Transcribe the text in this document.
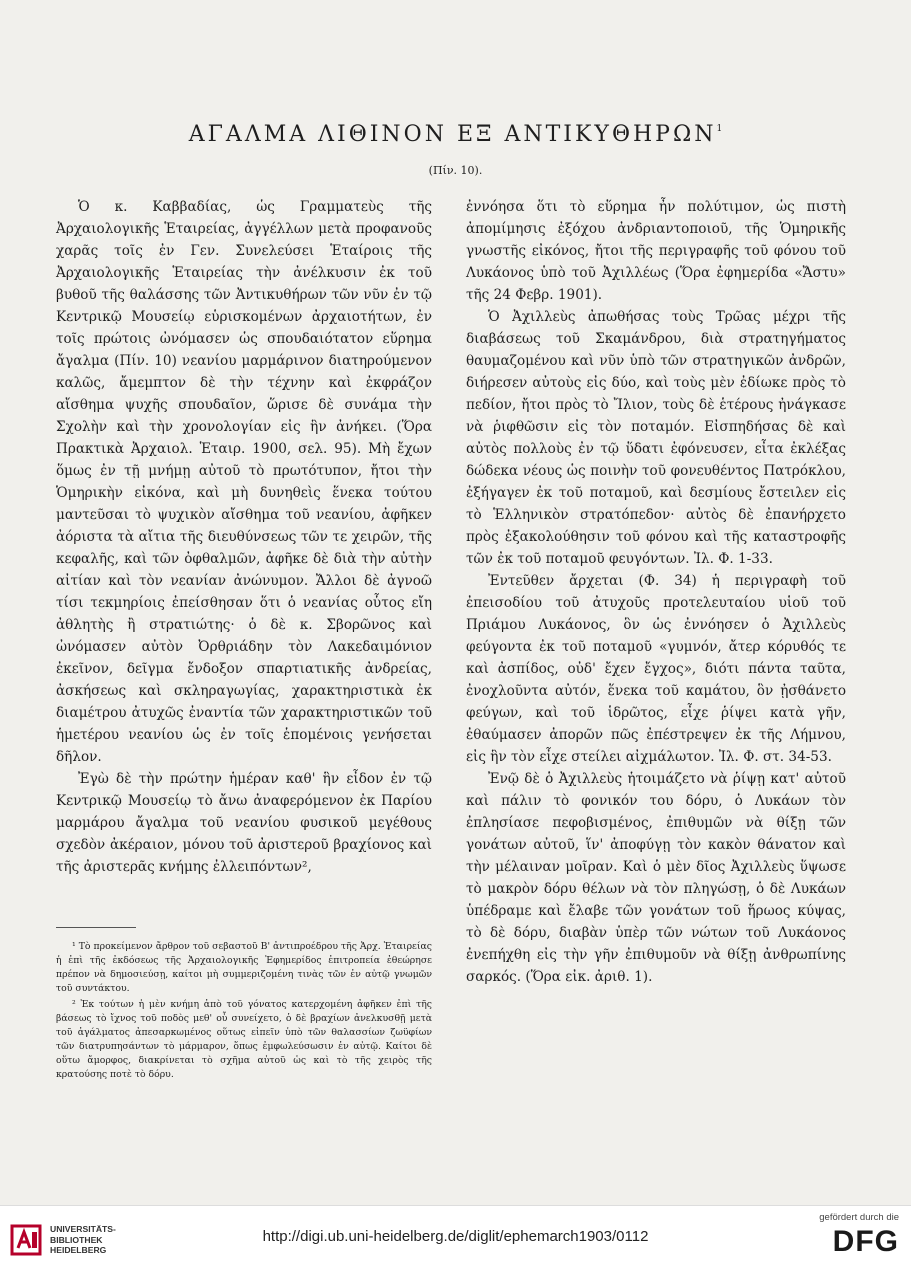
ΑΓΑΛΜΑ ΛΙΘΙΝΟΝ ΕΞ ΑΝΤΙΚΥΘΗΡΩΝ$^1$

(Πίν. 10).

Ὁ κ. Καββαδίας, ὡς Γραμματεὺς τῆς Ἀρχαιολογικῆς Ἑταιρείας, ἀγγέλλων μετὰ προφανοῦς χαρᾶς τοῖς ἐν Γεν. Συνελεύσει Ἑταίροις τῆς Ἀρχαιολογικῆς Ἑταιρείας τὴν ἀνέλκυσιν ἐκ τοῦ βυθοῦ τῆς θαλάσσης τῶν Ἀντικυθήρων τῶν νῦν ἐν τῷ Κεντρικῷ Μουσείῳ εὑρισκομένων ἀρχαιοτήτων, ἐν τοῖς πρώτοις ὠνόμασεν ὡς σπουδαιότατον εὕρημα ἄγαλμα (Πίν. 10) νεανίου μαρμάρινον διατηρούμενον καλῶς, ἄμεμπτον δὲ τὴν τέχνην καὶ ἐκφράζον αἴσθημα ψυχῆς σπουδαῖον, ὥρισε δὲ συνάμα τὴν Σχολὴν καὶ τὴν χρονολογίαν εἰς ἣν ἀνήκει. (Ὅρα Πρακτικὰ Ἀρχαιολ. Ἑταιρ. 1900, σελ. 95). Μὴ ἔχων ὅμως ἐν τῇ μνήμῃ αὐτοῦ τὸ πρωτότυπον, ἤτοι τὴν Ὁμηρικὴν εἰκόνα, καὶ μὴ δυνηθεὶς ἕνεκα τούτου μαντεῦσαι τὸ ψυχικὸν αἴσθημα τοῦ νεανίου, ἀφῆκεν ἀόριστα τὰ αἴτια τῆς διευθύνσεως τῶν τε χειρῶν, τῆς κεφαλῆς, καὶ τῶν ὀφθαλμῶν, ἀφῆκε δὲ διὰ τὴν αὐτὴν αἰτίαν καὶ τὸν νεανίαν ἀνώνυμον. Ἄλλοι δὲ ἀγνοῶ τίσι τεκμηρίοις ἐπείσθησαν ὅτι ὁ νεανίας οὗτος εἴη ἀθλητὴς ἢ στρατιώτης· ὁ δὲ κ. Σβορῶνος καὶ ὠνόμασεν αὐτὸν Ὀρθριάδην τὸν Λακεδαιμόνιον ἐκεῖνον, δεῖγμα ἔνδοξον σπαρτιατικῆς ἀνδρείας, ἀσκήσεως καὶ σκληραγωγίας, χαρακτηριστικὰ ἐκ διαμέτρου ἀτυχῶς ἐναντία τῶν χαρακτηριστικῶν τοῦ ἡμετέρου νεανίου ὡς ἐν τοῖς ἑπομένοις γενήσεται δῆλον.

Ἐγὼ δὲ τὴν πρώτην ἡμέραν καθ' ἣν εἶδον ἐν τῷ Κεντρικῷ Μουσείῳ τὸ ἄνω ἀναφερόμενον ἐκ Παρίου μαρμάρου ἄγαλμα τοῦ νεανίου φυσικοῦ μεγέθους σχεδὸν ἀκέραιον, μόνου τοῦ ἀριστεροῦ βραχίονος καὶ τῆς ἀριστερᾶς κνήμης ἐλλειπόντων²,

¹ Τὸ προκείμενον ἄρθρον τοῦ σεβαστοῦ Β' ἀντιπροέδρου τῆς Ἀρχ. Ἑταιρείας ἡ ἐπὶ τῆς ἐκδόσεως τῆς Ἀρχαιολογικῆς Ἐφημερίδος ἐπιτροπεία ἐθεώρησε πρέπον νὰ δημοσιεύσῃ, καίτοι μὴ συμμεριζομένη τινὰς τῶν ἐν αὐτῷ γνωμῶν τοῦ συντάκτου.

² Ἐκ τούτων ἡ μὲν κνήμη ἀπὸ τοῦ γόνατος κατερχομένη ἀφῆκεν ἐπὶ τῆς βάσεως τὸ ἴχνος τοῦ ποδὸς μεθ' οὗ συνείχετο, ὁ δὲ βραχίων ἀνελκυσθῇ μετὰ τοῦ ἀγάλματος ἀπεσαρκωμένος οὕτως εἰπεῖν ὑπὸ τῶν θαλασσίων ζωϋφίων τῶν διατρυπησάντων τὸ μάρμαρον, ὅπως ἐμφωλεύσωσιν ἐν αὐτῷ. Καίτοι δὲ οὕτω ἄμορφος, διακρίνεται τὸ σχῆμα αὐτοῦ ὡς καὶ τὸ τῆς χειρὸς τῆς κρατούσης ποτὲ τὸ δόρυ.

ἐννόησα ὅτι τὸ εὕρημα ἦν πολύτιμον, ὡς πιστὴ ἀπομίμησις ἐξόχου ἀνδριαντοποιοῦ, τῆς Ὁμηρικῆς γνωστῆς εἰκόνος, ἤτοι τῆς περιγραφῆς τοῦ φόνου τοῦ Λυκάονος ὑπὸ τοῦ Ἀχιλλέως (Ὅρα ἐφημερίδα «Ἄστυ» τῆς 24 Φεβρ. 1901).

Ὁ Ἀχιλλεὺς ἀπωθήσας τοὺς Τρῶας μέχρι τῆς διαβάσεως τοῦ Σκαμάνδρου, διὰ στρατηγήματος θαυμαζομένου καὶ νῦν ὑπὸ τῶν στρατηγικῶν ἀνδρῶν, διήρεσεν αὐτοὺς εἰς δύο, καὶ τοὺς μὲν ἐδίωκε πρὸς τὸ πεδίον, ἤτοι πρὸς τὸ Ἴλιον, τοὺς δὲ ἑτέρους ἠνάγκασε νὰ ῥιφθῶσιν εἰς τὸν ποταμόν. Εἰσπηδήσας δὲ καὶ αὐτὸς πολλοὺς ἐν τῷ ὕδατι ἐφόνευσεν, εἶτα ἐκλέξας δώδεκα νέους ὡς ποινὴν τοῦ φονευθέντος Πατρόκλου, ἐξήγαγεν ἐκ τοῦ ποταμοῦ, καὶ δεσμίους ἔστειλεν εἰς τὸ Ἑλληνικὸν στρατόπεδον· αὐτὸς δὲ ἐπανήρχετο πρὸς ἐξακολούθησιν τοῦ φόνου καὶ τῆς καταστροφῆς τῶν ἐκ τοῦ ποταμοῦ φευγόντων. Ἰλ. Φ. 1-33.

Ἐντεῦθεν ἄρχεται (Φ. 34) ἡ περιγραφὴ τοῦ ἐπεισοδίου τοῦ ἀτυχοῦς προτελευταίου υἱοῦ τοῦ Πριάμου Λυκάονος, ὃν ὡς ἐννόησεν ὁ Ἀχιλλεὺς φεύγοντα ἐκ τοῦ ποταμοῦ «γυμνόν, ἄτερ κόρυθός τε καὶ ἀσπίδος, οὐδ' ἔχεν ἔγχος», διότι πάντα ταῦτα, ἐνοχλοῦντα αὐτόν, ἕνεκα τοῦ καμάτου, ὃν ᾐσθάνετο φεύγων, καὶ τοῦ ἱδρῶτος, εἶχε ῥίψει κατὰ γῆν, ἐθαύμασεν ἀπορῶν πῶς ἐπέστρεψεν ἐκ τῆς Λήμνου, εἰς ἣν τὸν εἶχε στείλει αἰχμάλωτον. Ἰλ. Φ. στ. 34-53.

Ἐνῷ δὲ ὁ Ἀχιλλεὺς ἡτοιμάζετο νὰ ῥίψῃ κατ' αὐτοῦ καὶ πάλιν τὸ φονικόν του δόρυ, ὁ Λυκάων τὸν ἐπλησίασε πεφοβισμένος, ἐπιθυμῶν νὰ θίξῃ τῶν γονάτων αὐτοῦ, ἵν' ἀποφύγῃ τὸν κακὸν θάνατον καὶ τὴν μέλαιναν μοῖραν. Καὶ ὁ μὲν δῖος Ἀχιλλεὺς ὕψωσε τὸ μακρὸν δόρυ θέλων νὰ τὸν πληγώσῃ, ὁ δὲ Λυκάων ὑπέδραμε καὶ ἔλαβε τῶν γονάτων τοῦ ἥρωος κύψας, τὸ δὲ δόρυ, διαβὰν ὑπὲρ τῶν νώτων τοῦ Λυκάονος ἐνεπήχθη εἰς τὴν γῆν ἐπιθυμοῦν νὰ θίξῃ ἀνθρωπίνης σαρκός. (Ὅρα εἰκ. ἀριθ. 1).

UNIVERSITÄTS-
BIBLIOTHEK
HEIDELBERG
http://digi.ub.uni-heidelberg.de/diglit/ephemarch1903/0112
gefördert durch die
DFG
